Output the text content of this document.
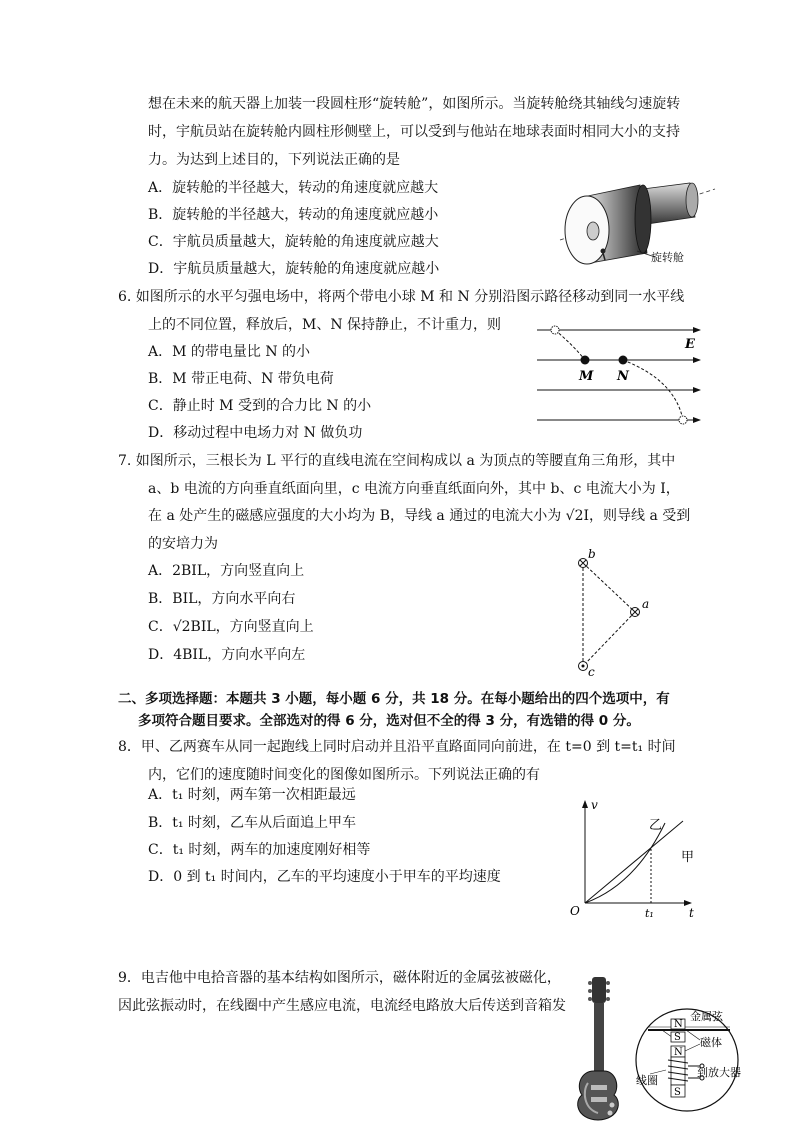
想在未来的航天器上加装一段圆柱形“旋转舱”，如图所示。当旋转舱绕其轴线匀速旋转
时，宇航员站在旋转舱内圆柱形侧壁上，可以受到与他站在地球表面时相同大小的支持
力。为达到上述目的，下列说法正确的是
A．旋转舱的半径越大，转动的角速度就应越大
B．旋转舱的半径越大，转动的角速度就应越小
C．宇航员质量越大，旋转舱的角速度就应越大
D．宇航员质量越大，旋转舱的角速度就应越小
旋转舱
6. 如图所示的水平匀强电场中，将两个带电小球 M 和 N 分别沿图示路径移动到同一水平线
上的不同位置，释放后，M、N 保持静止，不计重力，则
A．M 的带电量比 N 的小
B．M 带正电荷、N 带负电荷
C．静止时 M 受到的合力比 N 的小
D．移动过程中电场力对 N 做负功
E
M N
7. 如图所示，三根长为 L 平行的直线电流在空间构成以 a 为顶点的等腰直角三角形，其中
a、b 电流的方向垂直纸面向里，c 电流方向垂直纸面向外，其中 b、c 电流大小为 I，
在 a 处产生的磁感应强度的大小均为 B，导线 a 通过的电流大小为 √2I，则导线 a 受到
的安培力为
A．2BIL，方向竖直向上
B．BIL，方向水平向右
C．√2BIL，方向竖直向上
D．4BIL，方向水平向左
b
a
c
二、多项选择题：本题共 3 小题，每小题 6 分，共 18 分。在每小题给出的四个选项中，有
多项符合题目要求。全部选对的得 6 分，选对但不全的得 3 分，有选错的得 0 分。
8．甲、乙两赛车从同一起跑线上同时启动并且沿平直路面同向前进，在 t=0 到 t=t₁ 时间
内，它们的速度随时间变化的图像如图所示。下列说法正确的有
A．t₁ 时刻，两车第一次相距最远
B．t₁ 时刻，乙车从后面追上甲车
C．t₁ 时刻，两车的加速度刚好相等
D．0 到 t₁ 时间内，乙车的平均速度小于甲车的平均速度
v
t
O	t₁
甲
乙
9．电吉他中电拾音器的基本结构如图所示，磁体附近的金属弦被磁化，
因此弦振动时，在线圈中产生感应电流，电流经电路放大后传送到音箱发
N
S
N
S
金属弦
磁体
到放大器
线圈
